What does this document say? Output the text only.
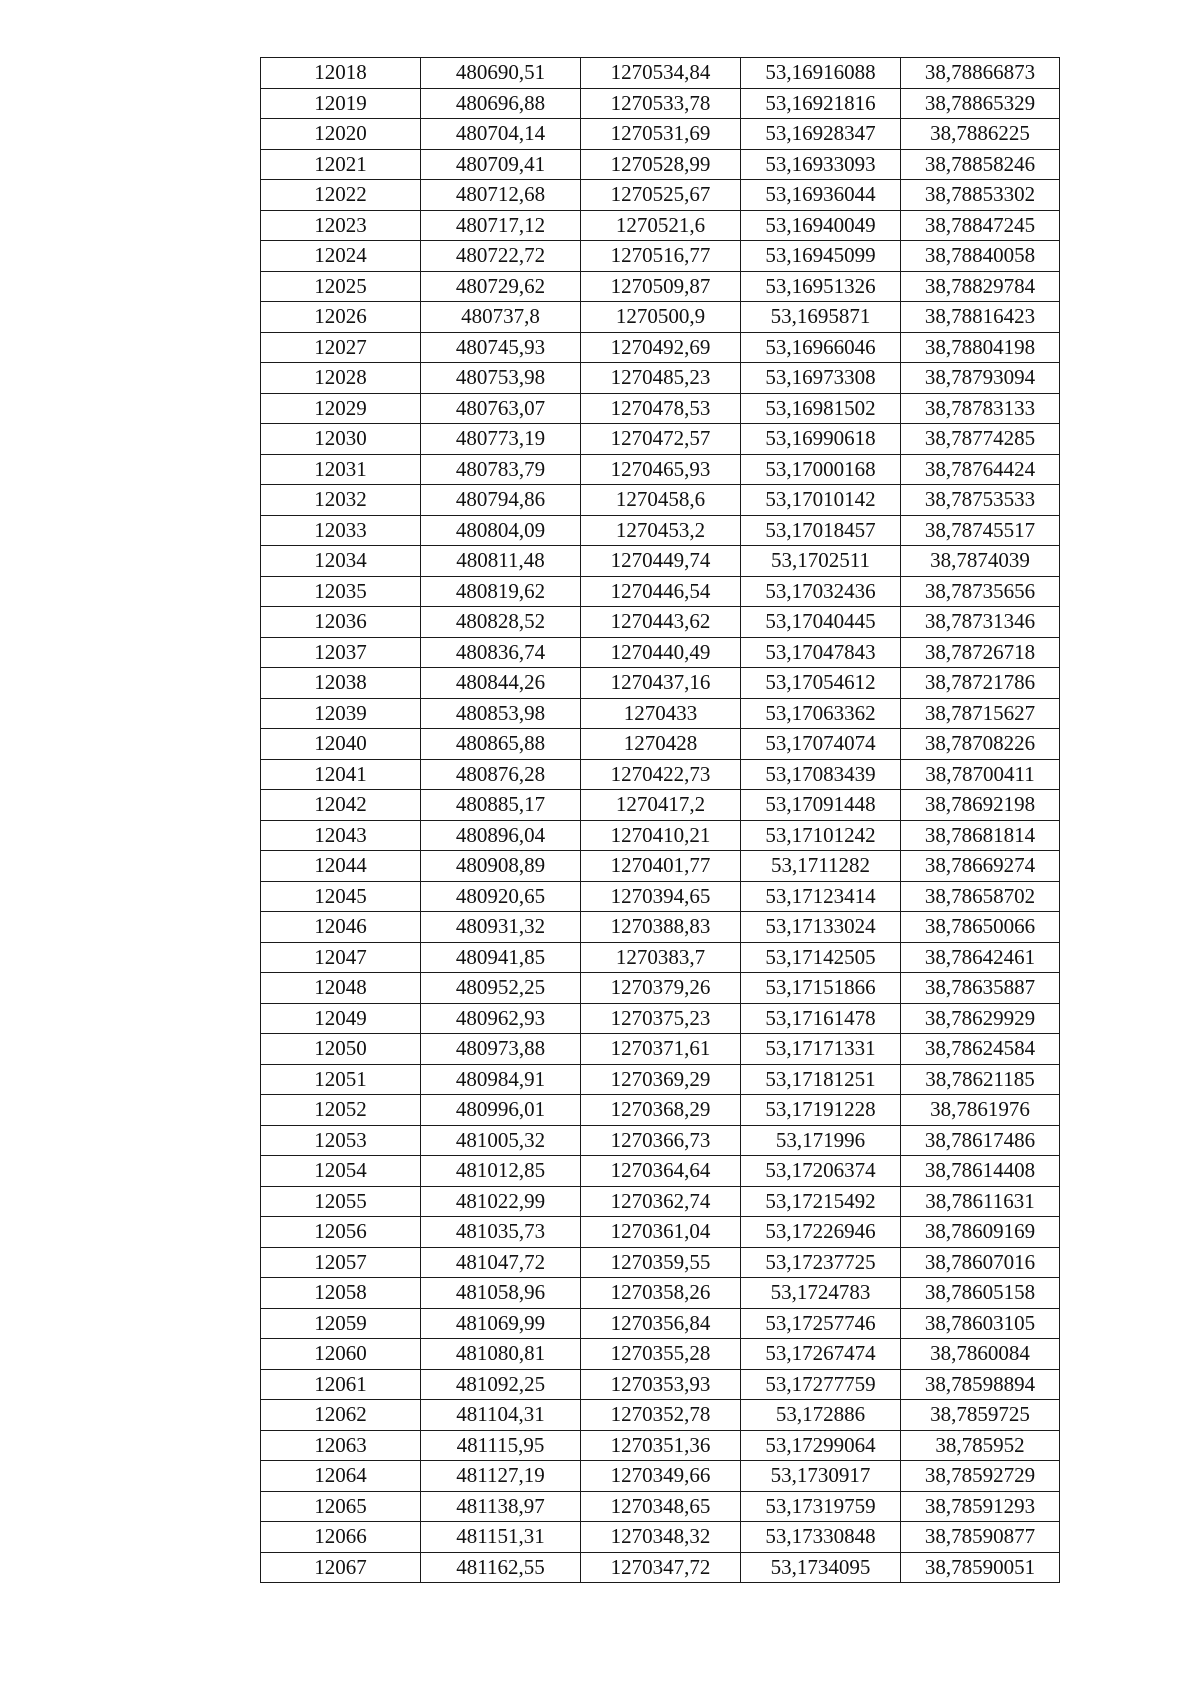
12018	480690,51	1270534,84	53,16916088	38,78866873
12019	480696,88	1270533,78	53,16921816	38,78865329
12020	480704,14	1270531,69	53,16928347	38,7886225
12021	480709,41	1270528,99	53,16933093	38,78858246
12022	480712,68	1270525,67	53,16936044	38,78853302
12023	480717,12	1270521,6	53,16940049	38,78847245
12024	480722,72	1270516,77	53,16945099	38,78840058
12025	480729,62	1270509,87	53,16951326	38,78829784
12026	480737,8	1270500,9	53,1695871	38,78816423
12027	480745,93	1270492,69	53,16966046	38,78804198
12028	480753,98	1270485,23	53,16973308	38,78793094
12029	480763,07	1270478,53	53,16981502	38,78783133
12030	480773,19	1270472,57	53,16990618	38,78774285
12031	480783,79	1270465,93	53,17000168	38,78764424
12032	480794,86	1270458,6	53,17010142	38,78753533
12033	480804,09	1270453,2	53,17018457	38,78745517
12034	480811,48	1270449,74	53,1702511	38,7874039
12035	480819,62	1270446,54	53,17032436	38,78735656
12036	480828,52	1270443,62	53,17040445	38,78731346
12037	480836,74	1270440,49	53,17047843	38,78726718
12038	480844,26	1270437,16	53,17054612	38,78721786
12039	480853,98	1270433	53,17063362	38,78715627
12040	480865,88	1270428	53,17074074	38,78708226
12041	480876,28	1270422,73	53,17083439	38,78700411
12042	480885,17	1270417,2	53,17091448	38,78692198
12043	480896,04	1270410,21	53,17101242	38,78681814
12044	480908,89	1270401,77	53,1711282	38,78669274
12045	480920,65	1270394,65	53,17123414	38,78658702
12046	480931,32	1270388,83	53,17133024	38,78650066
12047	480941,85	1270383,7	53,17142505	38,78642461
12048	480952,25	1270379,26	53,17151866	38,78635887
12049	480962,93	1270375,23	53,17161478	38,78629929
12050	480973,88	1270371,61	53,17171331	38,78624584
12051	480984,91	1270369,29	53,17181251	38,78621185
12052	480996,01	1270368,29	53,17191228	38,7861976
12053	481005,32	1270366,73	53,171996	38,78617486
12054	481012,85	1270364,64	53,17206374	38,78614408
12055	481022,99	1270362,74	53,17215492	38,78611631
12056	481035,73	1270361,04	53,17226946	38,78609169
12057	481047,72	1270359,55	53,17237725	38,78607016
12058	481058,96	1270358,26	53,1724783	38,78605158
12059	481069,99	1270356,84	53,17257746	38,78603105
12060	481080,81	1270355,28	53,17267474	38,7860084
12061	481092,25	1270353,93	53,17277759	38,78598894
12062	481104,31	1270352,78	53,172886	38,7859725
12063	481115,95	1270351,36	53,17299064	38,785952
12064	481127,19	1270349,66	53,1730917	38,78592729
12065	481138,97	1270348,65	53,17319759	38,78591293
12066	481151,31	1270348,32	53,17330848	38,78590877
12067	481162,55	1270347,72	53,1734095	38,78590051
